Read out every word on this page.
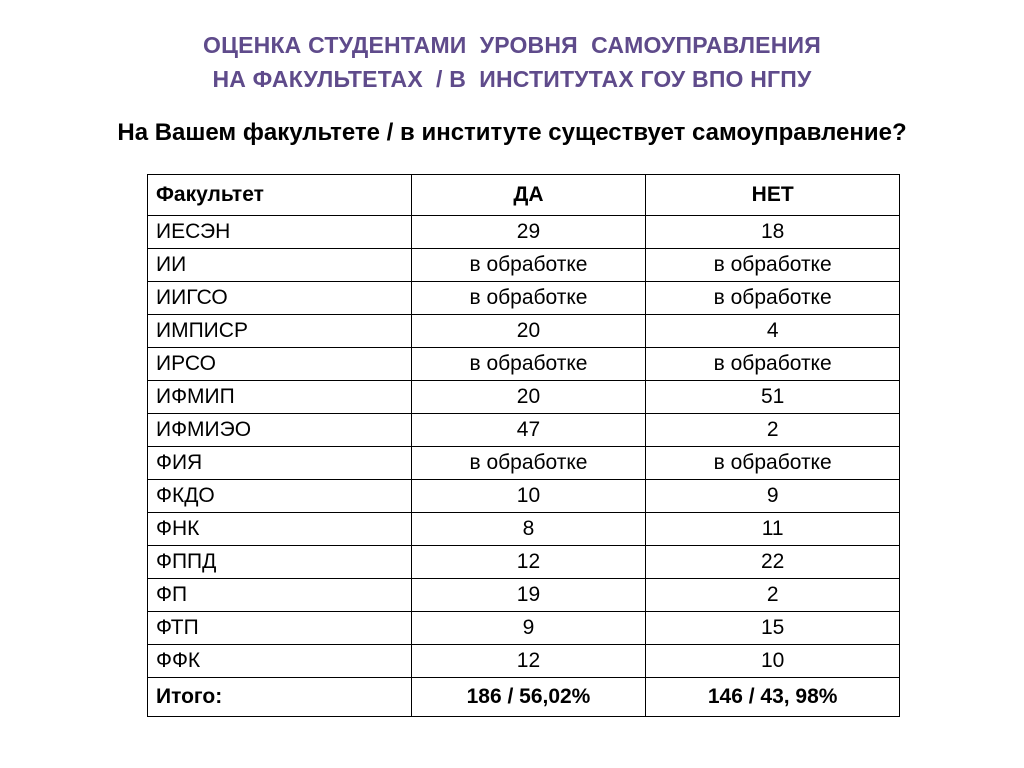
ОЦЕНКА СТУДЕНТАМИ  УРОВНЯ  САМОУПРАВЛЕНИЯ
НА ФАКУЛЬТЕТАХ  / В  ИНСТИТУТАХ ГОУ ВПО НГПУ
На Вашем факультете / в институте существует самоуправление?
Факультет	ДА	НЕТ
ИЕСЭН	29	18
ИИ	в обработке	в обработке
ИИГСО	в обработке	в обработке
ИМПИСР	20	4
ИРСО	в обработке	в обработке
ИФМИП	20	51
ИФМИЭО	47	2
ФИЯ	в обработке	в обработке
ФКДО	10	9
ФНК	8	11
ФППД	12	22
ФП	19	2
ФТП	9	15
ФФК	12	10
Итого:	186 / 56,02%	146 / 43, 98%
